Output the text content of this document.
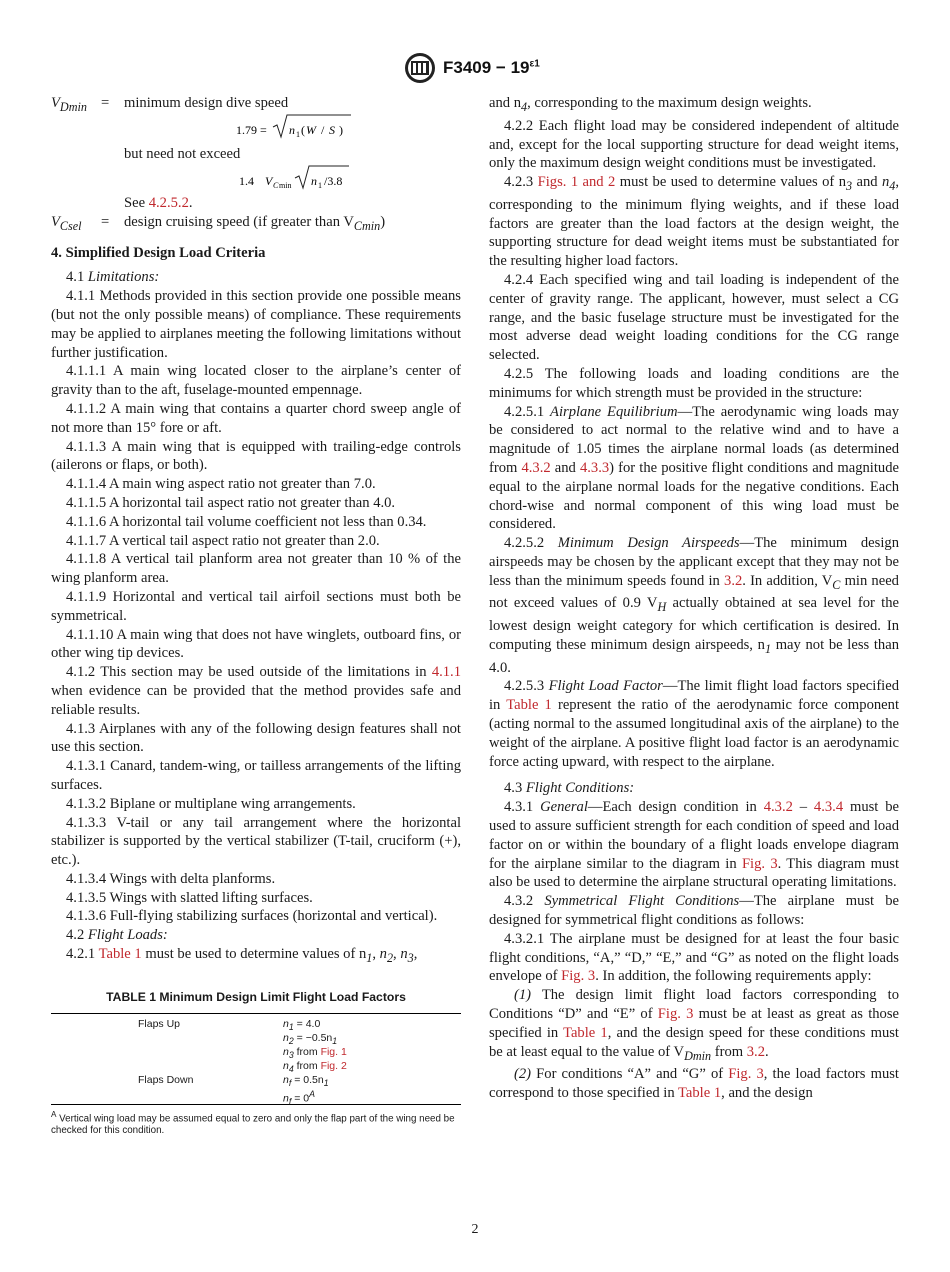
$F3409 - 19^{\varepsilon 1}$
$V_{Dmin}$ = minimum design dive speed
1.79 = n 1 ( W / S )

but need not exceed

1.4 V C min n 1 /3.8

See 4.2.5.2.

$V_{Csel}$ = design cruising speed (if greater than $V_{Cmin}$)

4. Simplified Design Load Criteria

4.1 Limitations:

4.1.1 Methods provided in this section provide one possible means (but not the only possible means) of compliance. These requirements may be applied to airplanes meeting the following limitations without further justification.

4.1.1.1 A main wing located closer to the airplane’s center of gravity than to the aft, fuselage-mounted empennage.

4.1.1.2 A main wing that contains a quarter chord sweep angle of not more than 15° fore or aft.

4.1.1.3 A main wing that is equipped with trailing-edge controls (ailerons or flaps, or both).

4.1.1.4 A main wing aspect ratio not greater than 7.0.

4.1.1.5 A horizontal tail aspect ratio not greater than 4.0.

4.1.1.6 A horizontal tail volume coefficient not less than 0.34.

4.1.1.7 A vertical tail aspect ratio not greater than 2.0.

4.1.1.8 A vertical tail planform area not greater than 10 % of the wing planform area.

4.1.1.9 Horizontal and vertical tail airfoil sections must both be symmetrical.

4.1.1.10 A main wing that does not have winglets, outboard fins, or other wing tip devices.

4.1.2 This section may be used outside of the limitations in 4.1.1 when evidence can be provided that the method provides safe and reliable results.

4.1.3 Airplanes with any of the following design features shall not use this section.

4.1.3.1 Canard, tandem-wing, or tailless arrangements of the lifting surfaces.

4.1.3.2 Biplane or multiplane wing arrangements.

4.1.3.3 V-tail or any tail arrangement where the horizontal stabilizer is supported by the vertical stabilizer (T-tail, cruciform (+), etc.).

4.1.3.4 Wings with delta planforms.

4.1.3.5 Wings with slatted lifting surfaces.

4.1.3.6 Full-flying stabilizing surfaces (horizontal and vertical).

4.2 Flight Loads:

4.2.1 Table 1 must be used to determine values of $n_1$, $n_2$, $n_3$,

TABLE 1 Minimum Design Limit Flight Load Factors
Flaps Up	$n_1 = 4.0$
$n_2 = -0.5n_1$
$n_3$ from Fig. 1
$n_4$ from Fig. 2
Flaps Down	$n_f = 0.5n_1$
$n_f = 0^A$
$^A$ Vertical wing load may be assumed equal to zero and only the flap part of the wing need be checked for this condition.

and $n_4$, corresponding to the maximum design weights.

4.2.2 Each flight load may be considered independent of altitude and, except for the local supporting structure for dead weight items, only the maximum design weight conditions must be investigated.

4.2.3 Figs. 1 and 2 must be used to determine values of $n_3$ and $n_4$, corresponding to the minimum flying weights, and if these load factors are greater than the load factors at the design weight, the supporting structure for dead weight items must be substantiated for the resulting higher load factors.

4.2.4 Each specified wing and tail loading is independent of the center of gravity range. The applicant, however, must select a CG range, and the basic fuselage structure must be investigated for the most adverse dead weight loading conditions for the CG range selected.

4.2.5 The following loads and loading conditions are the minimums for which strength must be provided in the structure:

4.2.5.1 Airplane Equilibrium—The aerodynamic wing loads may be considered to act normal to the relative wind and to have a magnitude of 1.05 times the airplane normal loads (as determined from 4.3.2 and 4.3.3) for the positive flight conditions and magnitude equal to the airplane normal loads for the negative conditions. Each chord-wise and normal component of this wing load must be considered.

4.2.5.2 Minimum Design Airspeeds—The minimum design airspeeds may be chosen by the applicant except that they may not be less than the minimum speeds found in 3.2. In addition, $V_C$ min need not exceed values of 0.9 $V_H$ actually obtained at sea level for the lowest design weight category for which certification is desired. In computing these minimum design airspeeds, $n_1$ may not be less than 4.0.

4.2.5.3 Flight Load Factor—The limit flight load factors specified in Table 1 represent the ratio of the aerodynamic force component (acting normal to the assumed longitudinal axis of the airplane) to the weight of the airplane. A positive flight load factor is an aerodynamic force acting upward, with respect to the airplane.

4.3 Flight Conditions:

4.3.1 General—Each design condition in 4.3.2 – 4.3.4 must be used to assure sufficient strength for each condition of speed and load factor on or within the boundary of a flight loads envelope diagram for the airplane similar to the diagram in Fig. 3. This diagram must also be used to determine the airplane structural operating limitations.

4.3.2 Symmetrical Flight Conditions—The airplane must be designed for symmetrical flight conditions as follows:

4.3.2.1 The airplane must be designed for at least the four basic flight conditions, “A,” “D,” “E,” and “G” as noted on the flight loads envelope of Fig. 3. In addition, the following requirements apply:

(1) The design limit flight load factors corresponding to Conditions “D” and “E” of Fig. 3 must be at least as great as those specified in Table 1, and the design speed for these conditions must be at least equal to the value of $V_{Dmin}$ from 3.2.

(2) For conditions “A” and “G” of Fig. 3, the load factors must correspond to those specified in Table 1, and the design

2
